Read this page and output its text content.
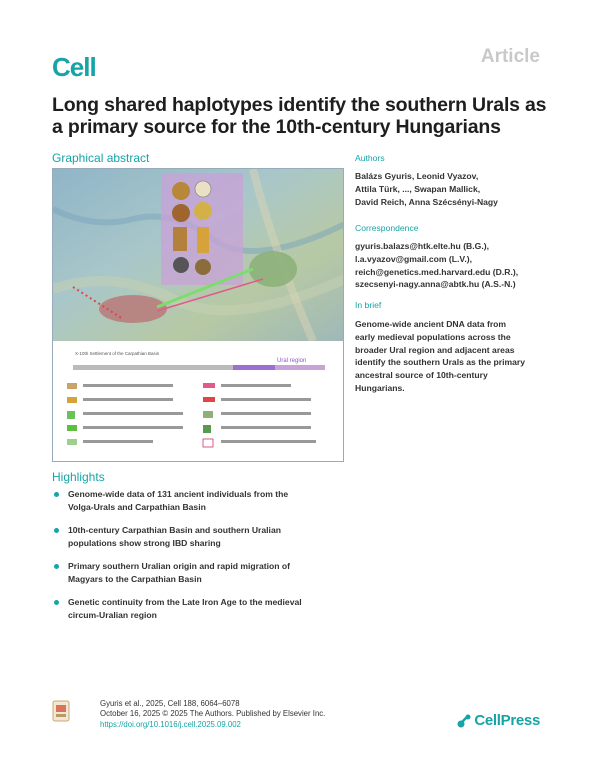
Cell	Article
Long shared haplotypes identify the southern Urals as a primary source for the 10th-century Hungarians
Graphical abstract
Ural region
X-10th Settlement of the Carpathian Basin
Authors
Balázs Gyuris, Leonid Vyazov,
Attila Türk, ..., Swapan Mallick,
David Reich, Anna Szécsényi-Nagy
Correspondence
gyuris.balazs@htk.elte.hu (B.G.),
l.a.vyazov@gmail.com (L.V.),
reich@genetics.med.harvard.edu (D.R.),
szecsenyi-nagy.anna@abtk.hu (A.S.-N.)
In brief
Genome-wide ancient DNA data from
early medieval populations across the
broader Ural region and adjacent areas
identify the southern Urals as the primary
ancestral source of 10th-century
Hungarians.
Highlights
Genome-wide data of 131 ancient individuals from the
Volga-Urals and Carpathian Basin
10th-century Carpathian Basin and southern Uralian
populations show strong IBD sharing
Primary southern Uralian origin and rapid migration of
Magyars to the Carpathian Basin
Genetic continuity from the Late Iron Age to the medieval
circum-Uralian region
Gyuris et al., 2025, Cell 188, 6064–6078
October 16, 2025 © 2025 The Authors. Published by Elsevier Inc.
https://doi.org/10.1016/j.cell.2025.09.002	CellPress
